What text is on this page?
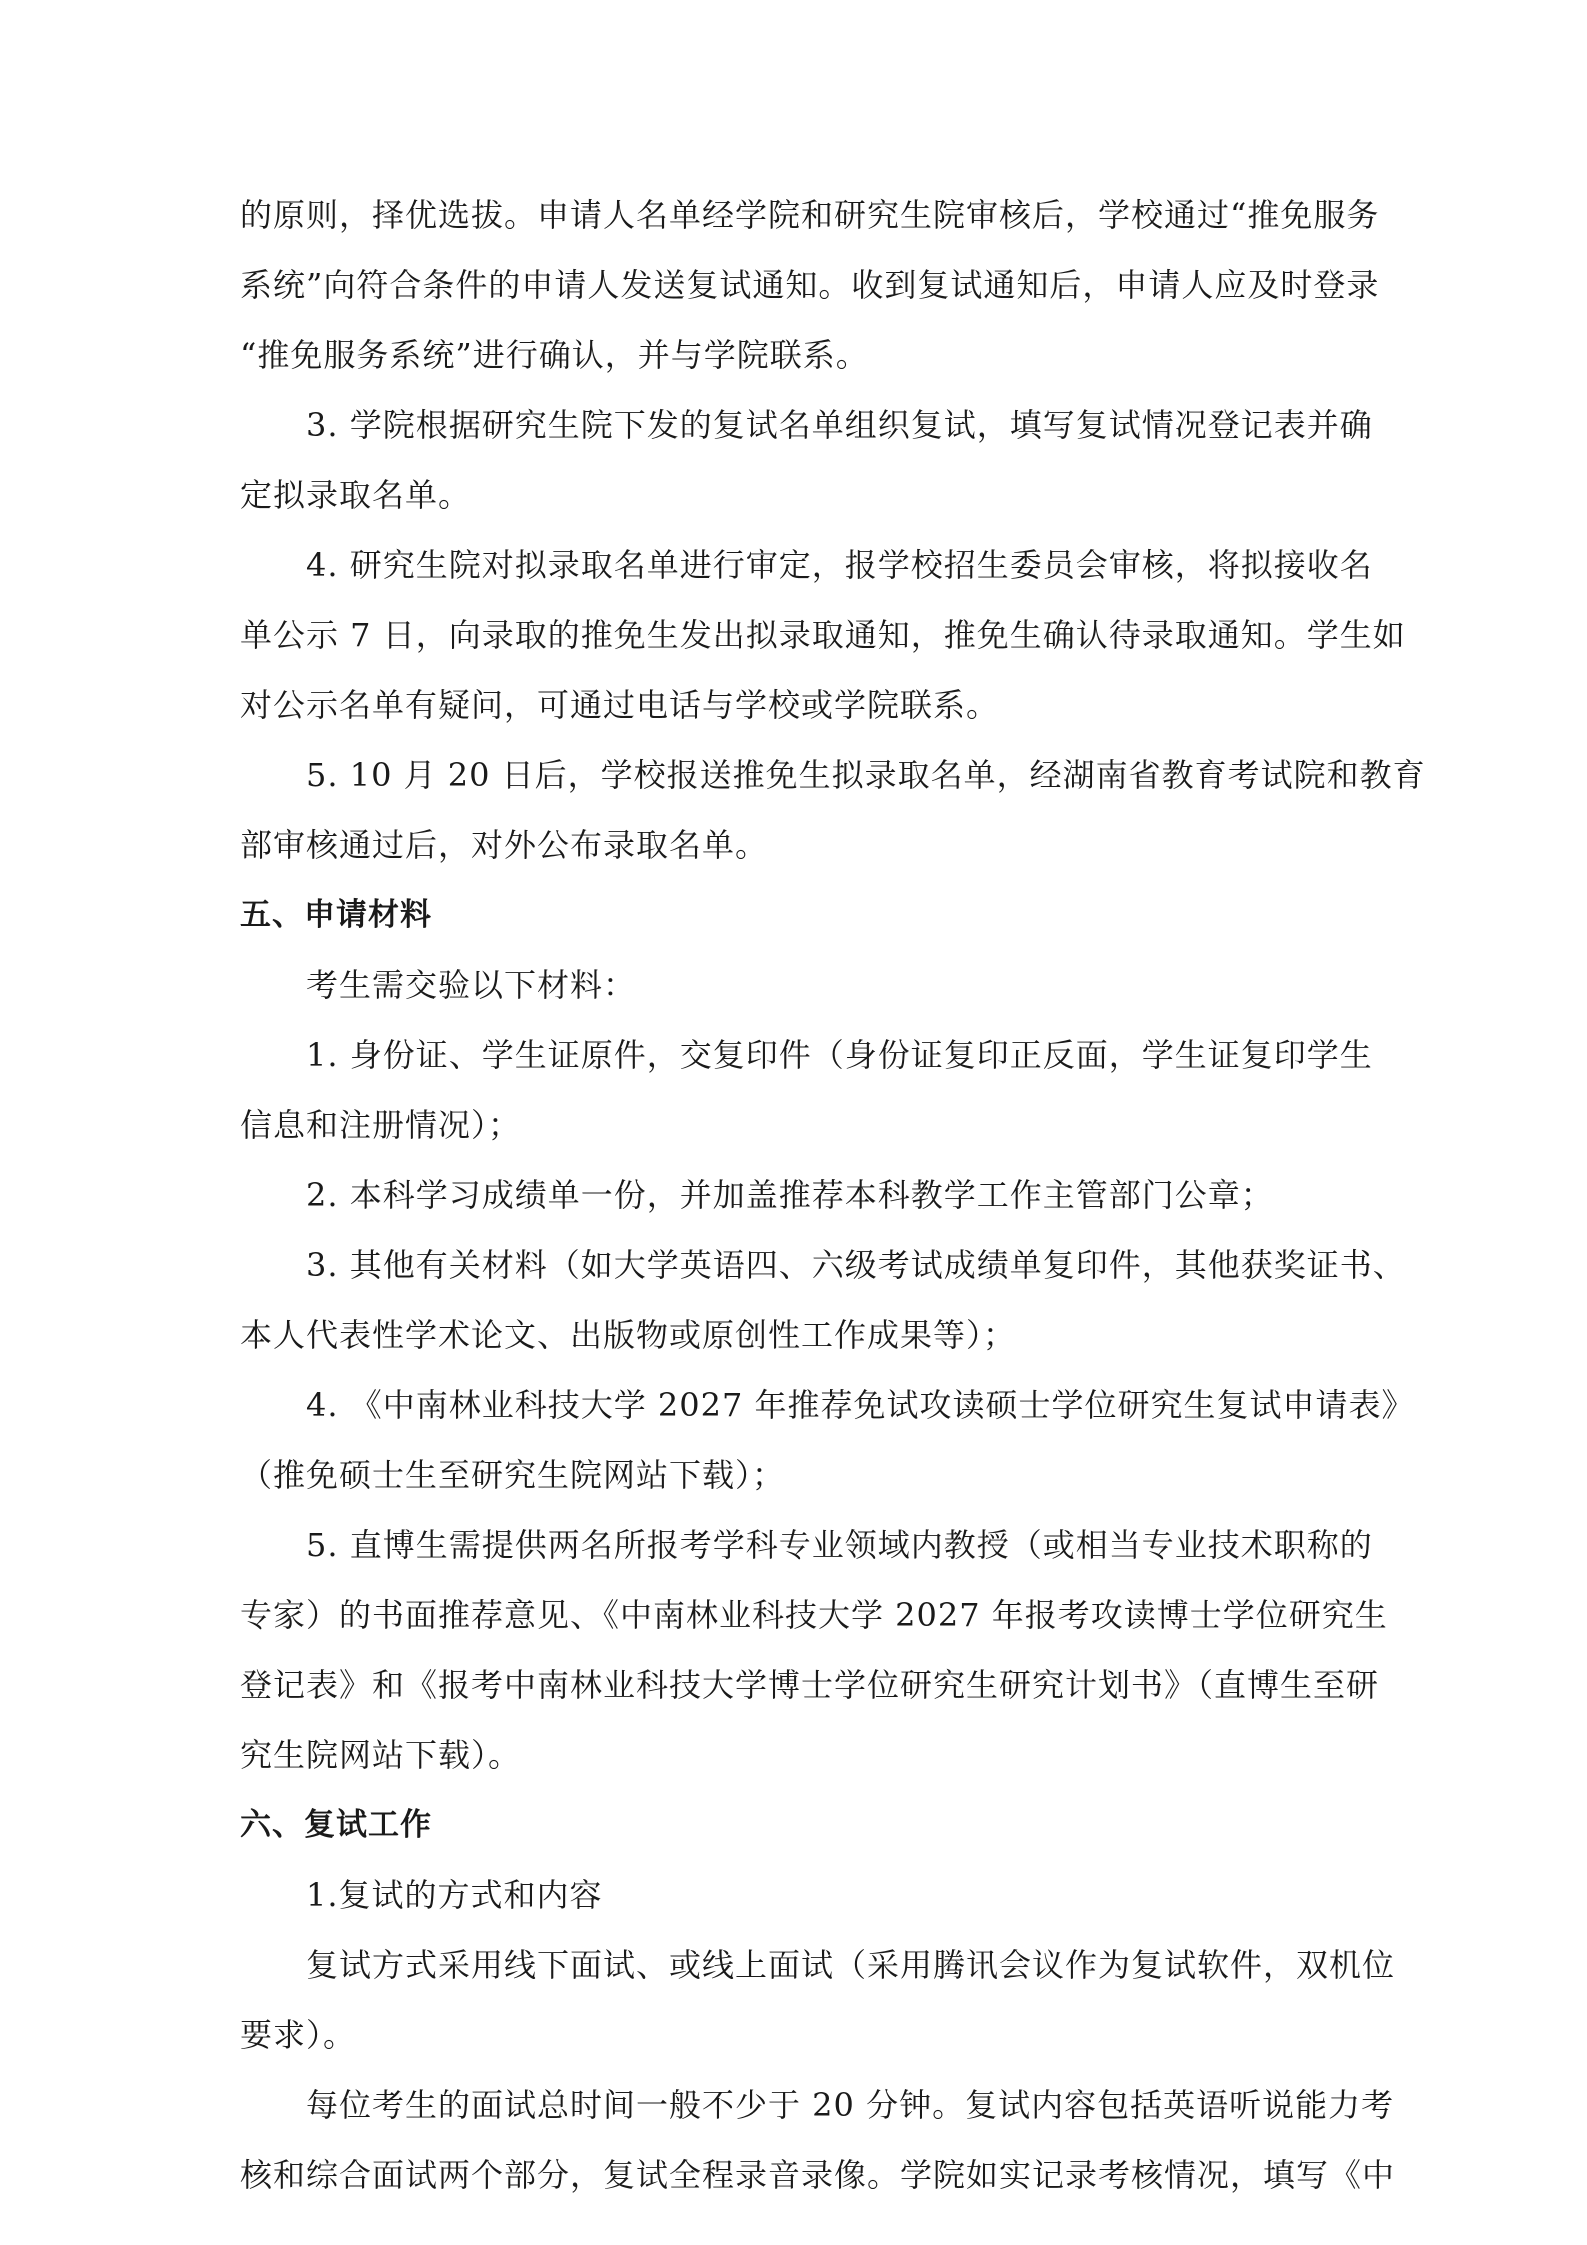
的原则，择优选拔。申请人名单经学院和研究生院审核后，学校通过“推免服务
系统”向符合条件的申请人发送复试通知。收到复试通知后，申请人应及时登录
“推免服务系统”进行确认，并与学院联系。
3. 学院根据研究生院下发的复试名单组织复试，填写复试情况登记表并确
定拟录取名单。
4. 研究生院对拟录取名单进行审定，报学校招生委员会审核，将拟接收名
单公示 7 日，向录取的推免生发出拟录取通知，推免生确认待录取通知。学生如
对公示名单有疑问，可通过电话与学校或学院联系。
5. 10 月 20 日后，学校报送推免生拟录取名单，经湖南省教育考试院和教育
部审核通过后，对外公布录取名单。
五、申请材料
考生需交验以下材料：
1. 身份证、学生证原件，交复印件（身份证复印正反面，学生证复印学生
信息和注册情况）；
2. 本科学习成绩单一份，并加盖推荐本科教学工作主管部门公章；
3. 其他有关材料（如大学英语四、六级考试成绩单复印件，其他获奖证书、
本人代表性学术论文、出版物或原创性工作成果等）；
4. 《中南林业科技大学 2027 年推荐免试攻读硕士学位研究生复试申请表》
（推免硕士生至研究生院网站下载）；
5. 直博生需提供两名所报考学科专业领域内教授（或相当专业技术职称的
专家）的书面推荐意见、《中南林业科技大学 2027 年报考攻读博士学位研究生
登记表》和《报考中南林业科技大学博士学位研究生研究计划书》（直博生至研
究生院网站下载）。
六、复试工作
1.复试的方式和内容
复试方式采用线下面试、或线上面试（采用腾讯会议作为复试软件，双机位
要求）。
每位考生的面试总时间一般不少于 20 分钟。复试内容包括英语听说能力考
核和综合面试两个部分，复试全程录音录像。学院如实记录考核情况，填写《中
